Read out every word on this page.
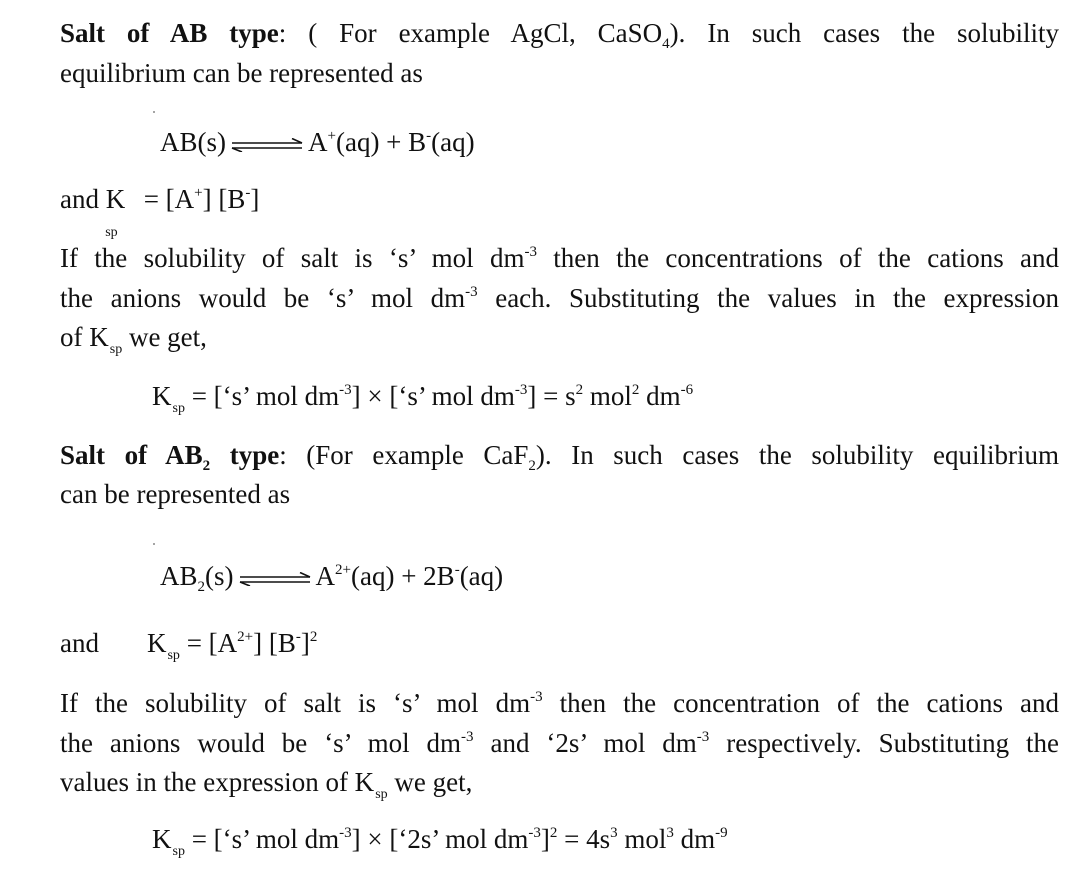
Salt of AB type: ( For example AgCl, CaSO$_4$). In such cases the solubility
equilibrium can be represented as
AB(s) ⇌ A+(aq) + B-(aq)
and $K_{sp}= [A^+]$ [B-]
If the solubility of salt is ‘s’ mol $dm^{-3}$ then the concentrations of the cations and
the anions would be ‘s’ mol $dm^{-3}$ each. Substituting the values in the expression
of $K_{sp}$ we get,
$K_{sp}$ = [‘s’ mol $dm^{-3}$] × [‘s’ mol $dm^{-3}] = s^2$ mol$^2$ $dm^{-6}$
Salt of $AB_2$ type: (For example CaF$_2$). In such cases the solubility equilibrium
can be represented as
$AB_2(s)$ ⇌ $A^{2+}(aq) + 2B^-(aq)$
and $K_{sp} = [A^{2+}]$ $[B^-]^2$
If the solubility of salt is ‘s’ mol $dm^{-3}$ then the concentration of the cations and
the anions would be ‘s’ mol $dm^{-3}$ and ‘2s’ mol $dm^{-3}$ respectively. Substituting the
values in the expression of $K_{sp}$ we get,
$K_{sp}$ = [‘s’ mol $dm^{-3}$] × [‘2s’ mol $dm^{-3}]^2 = 4s^3$ mol$^3$ $dm^{-9}$
